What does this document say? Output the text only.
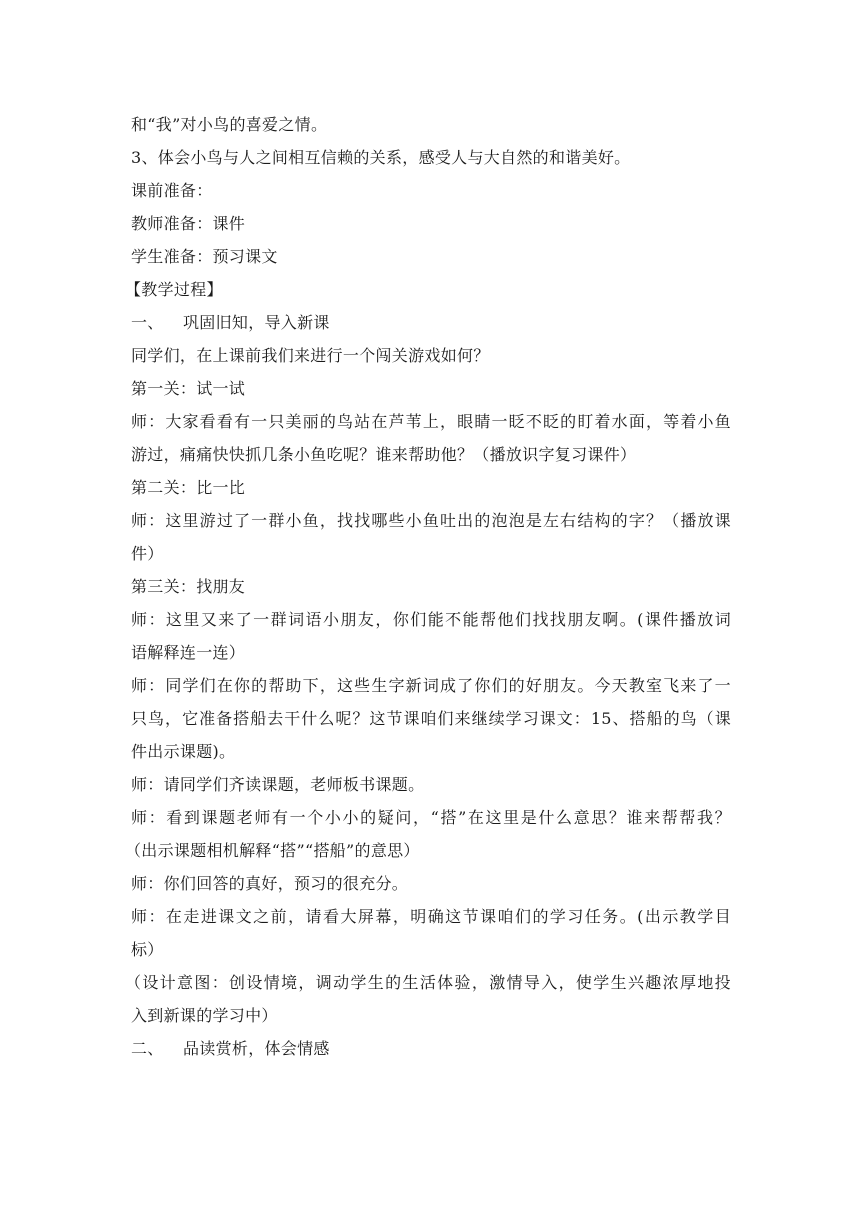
和“我”对小鸟的喜爱之情。
3、体会小鸟与人之间相互信赖的关系，感受人与大自然的和谐美好。
课前准备：
教师准备：课件
学生准备：预习课文
【教学过程】
一、 巩固旧知，导入新课
同学们，在上课前我们来进行一个闯关游戏如何？
第一关：试一试
师：大家看看有一只美丽的鸟站在芦苇上，眼睛一眨不眨的盯着水面，等着小鱼
游过，痛痛快快抓几条小鱼吃呢？谁来帮助他？（播放识字复习课件）
第二关：比一比
师：这里游过了一群小鱼，找找哪些小鱼吐出的泡泡是左右结构的字？（播放课
件）
第三关：找朋友
师：这里又来了一群词语小朋友，你们能不能帮他们找找朋友啊。(课件播放词
语解释连一连）
师：同学们在你的帮助下，这些生字新词成了你们的好朋友。今天教室飞来了一
只鸟，它准备搭船去干什么呢？这节课咱们来继续学习课文：15、搭船的鸟（课
件出示课题)。
师：请同学们齐读课题，老师板书课题。
师：看到课题老师有一个小小的疑问，“搭”在这里是什么意思？谁来帮帮我？
（出示课题相机解释“搭”“搭船”的意思）
师：你们回答的真好，预习的很充分。
师：在走进课文之前，请看大屏幕，明确这节课咱们的学习任务。(出示教学目
标）
（设计意图：创设情境，调动学生的生活体验，激情导入，使学生兴趣浓厚地投
入到新课的学习中）
二、 品读赏析，体会情感
